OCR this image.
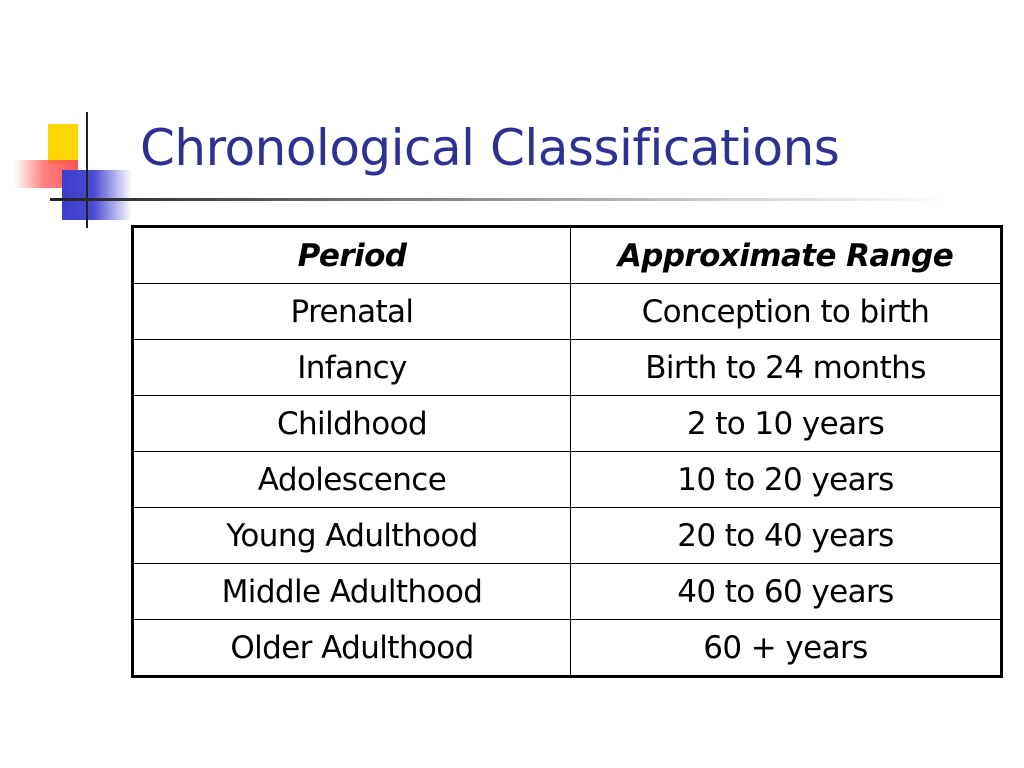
Chronological Classifications
Period	Approximate Range
Prenatal	Conception to birth
Infancy	Birth to 24 months
Childhood	2 to 10 years
Adolescence	10 to 20 years
Young Adulthood	20 to 40 years
Middle Adulthood	40 to 60 years
Older Adulthood	60 + years
